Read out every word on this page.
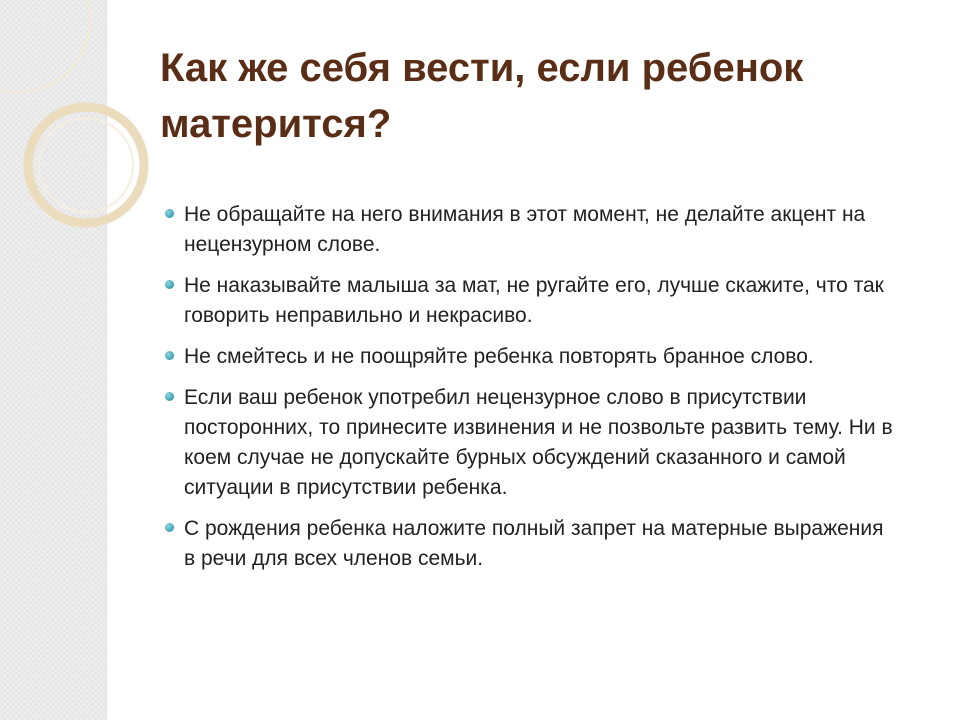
Как же себя вести, если ребенок матерится?
Не обращайте на него внимания в этот момент, не делайте акцент на нецензурном слове.
Не наказывайте малыша за мат, не ругайте его, лучше скажите, что так говорить неправильно и некрасиво.
Не смейтесь и не поощряйте ребенка повторять бранное слово.
Если ваш ребенок употребил нецензурное слово в присутствии посторонних, то принесите извинения и не позвольте развить тему. Ни в коем случае не допускайте бурных обсуждений сказанного и самой ситуации в присутствии ребенка.
С рождения ребенка наложите полный запрет на матерные выражения в речи для всех членов семьи.
